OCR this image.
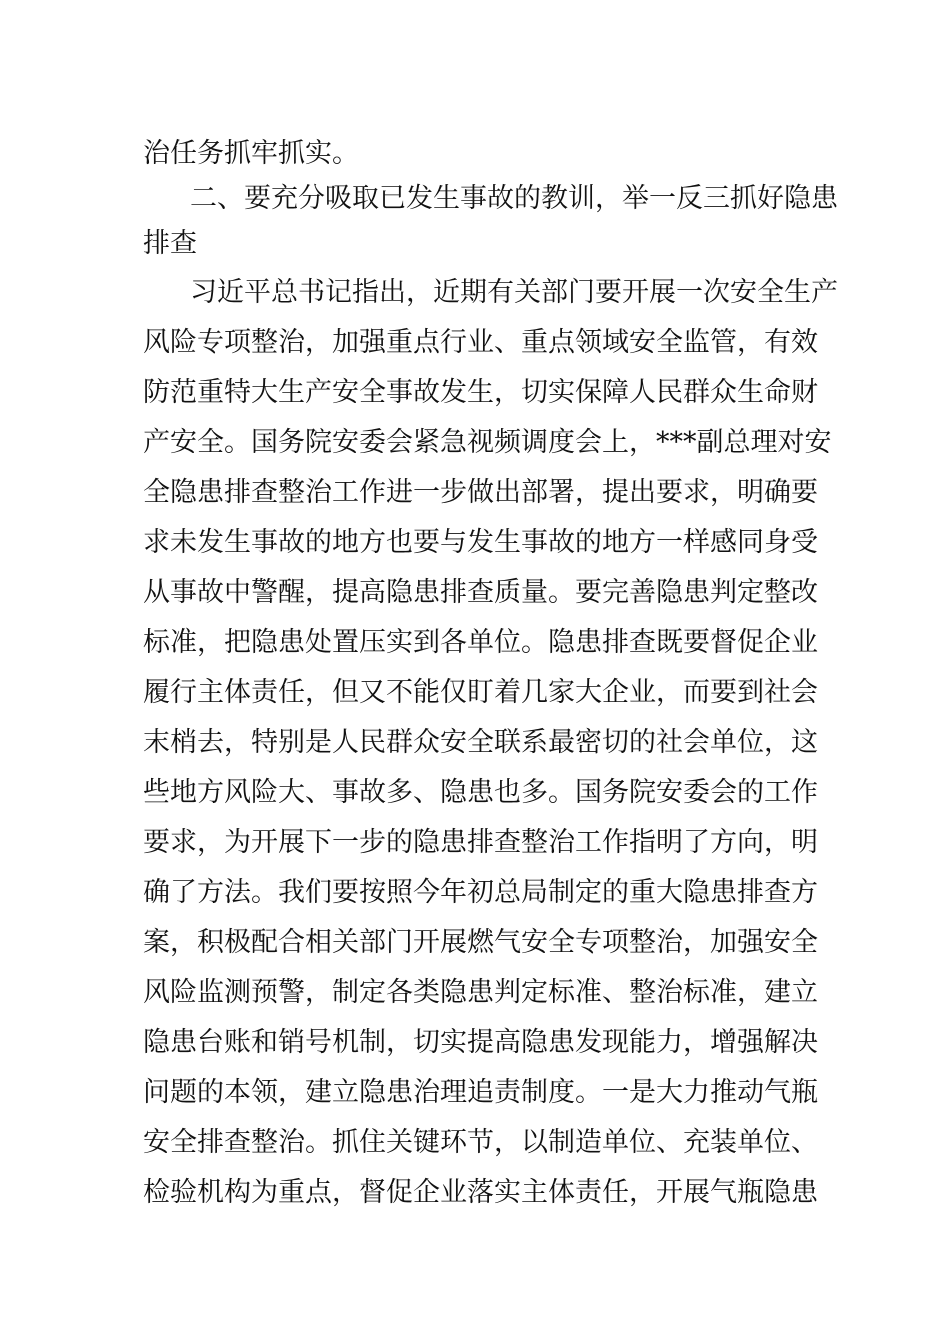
治任务抓牢抓实。
二、要充分吸取已发生事故的教训，举一反三抓好隐患
排查
习近平总书记指出，近期有关部门要开展一次安全生产
风险专项整治，加强重点行业、重点领域安全监管，有效
防范重特大生产安全事故发生，切实保障人民群众生命财
产安全。国务院安委会紧急视频调度会上，***副总理对安
全隐患排查整治工作进一步做出部署，提出要求，明确要
求未发生事故的地方也要与发生事故的地方一样感同身受
从事故中警醒，提高隐患排查质量。要完善隐患判定整改
标准，把隐患处置压实到各单位。隐患排查既要督促企业
履行主体责任，但又不能仅盯着几家大企业，而要到社会
末梢去，特别是人民群众安全联系最密切的社会单位，这
些地方风险大、事故多、隐患也多。国务院安委会的工作
要求，为开展下一步的隐患排查整治工作指明了方向，明
确了方法。我们要按照今年初总局制定的重大隐患排查方
案，积极配合相关部门开展燃气安全专项整治，加强安全
风险监测预警，制定各类隐患判定标准、整治标准，建立
隐患台账和销号机制，切实提高隐患发现能力，增强解决
问题的本领，建立隐患治理追责制度。一是大力推动气瓶
安全排查整治。抓住关键环节，以制造单位、充装单位、
检验机构为重点，督促企业落实主体责任，开展气瓶隐患
